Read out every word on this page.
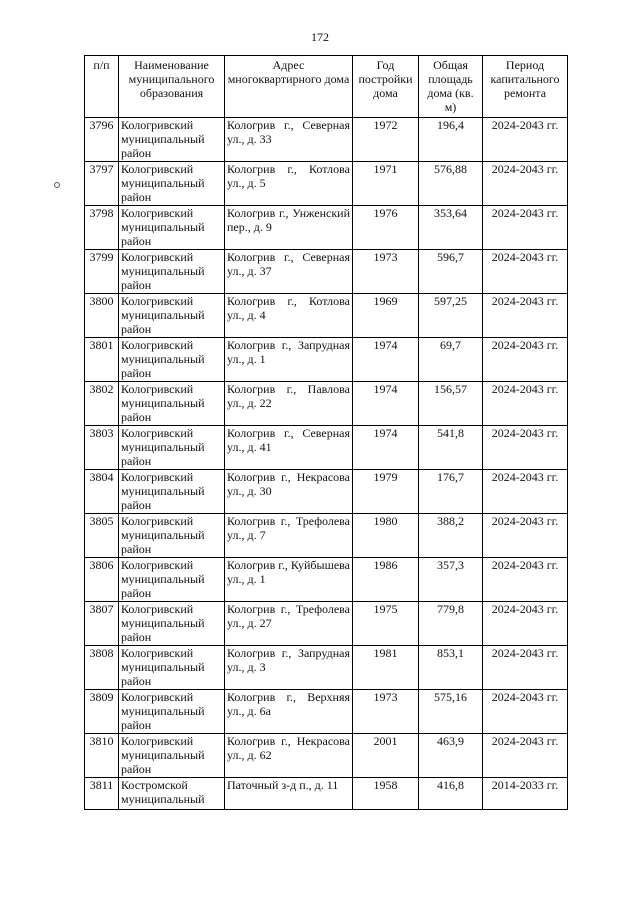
172
п/п	Наименование муниципального образования	Адрес многоквартирного дома	Год постройки дома	Общая площадь дома (кв. м)	Период капитального ремонта
3796	Кологривский муниципальный район	Кологрив г., Северная ул., д. 33	1972	196,4	2024-2043 гг.
3797	Кологривский муниципальный район	Кологрив г., Котлова ул., д. 5	1971	576,88	2024-2043 гг.
3798	Кологривский муниципальный район	Кологрив г., Унженский пер., д. 9	1976	353,64	2024-2043 гг.
3799	Кологривский муниципальный район	Кологрив г., Северная ул., д. 37	1973	596,7	2024-2043 гг.
3800	Кологривский муниципальный район	Кологрив г., Котлова ул., д. 4	1969	597,25	2024-2043 гг.
3801	Кологривский муниципальный район	Кологрив г., Запрудная ул., д. 1	1974	69,7	2024-2043 гг.
3802	Кологривский муниципальный район	Кологрив г., Павлова ул., д. 22	1974	156,57	2024-2043 гг.
3803	Кологривский муниципальный район	Кологрив г., Северная ул., д. 41	1974	541,8	2024-2043 гг.
3804	Кологривский муниципальный район	Кологрив г., Некрасова ул., д. 30	1979	176,7	2024-2043 гг.
3805	Кологривский муниципальный район	Кологрив г., Трефолева ул., д. 7	1980	388,2	2024-2043 гг.
3806	Кологривский муниципальный район	Кологрив г., Куйбышева ул., д. 1	1986	357,3	2024-2043 гг.
3807	Кологривский муниципальный район	Кологрив г., Трефолева ул., д. 27	1975	779,8	2024-2043 гг.
3808	Кологривский муниципальный район	Кологрив г., Запрудная ул., д. 3	1981	853,1	2024-2043 гг.
3809	Кологривский муниципальный район	Кологрив г., Верхняя ул., д. 6а	1973	575,16	2024-2043 гг.
3810	Кологривский муниципальный район	Кологрив г., Некрасова ул., д. 62	2001	463,9	2024-2043 гг.
3811	Костромской муниципальный	Паточный з-д п., д. 11	1958	416,8	2014-2033 гг.
